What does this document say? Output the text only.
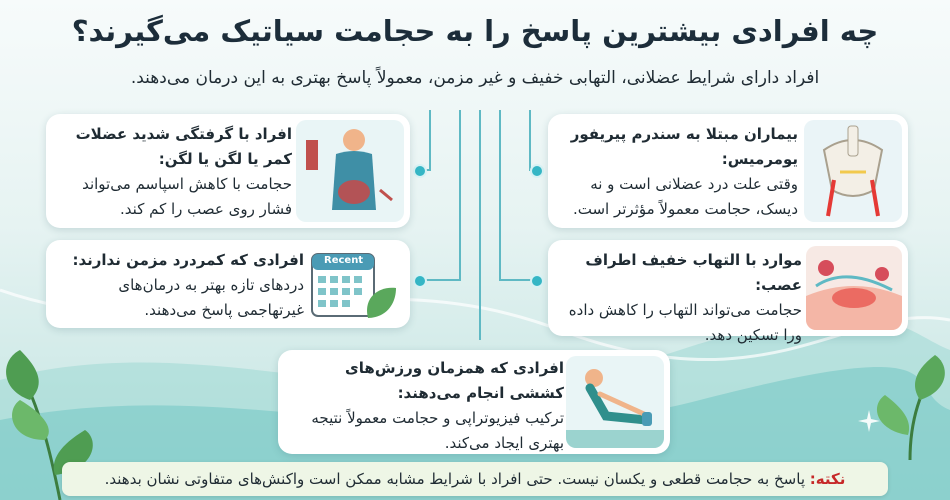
چه افرادی بیشترین پاسخ را به حجامت سیاتیک می‌گیرند؟

افراد دارای شرایط عضلانی، التهابی خفیف و غیر مزمن، معمولاً پاسخ بهتری به این درمان می‌دهند.

افراد با گرفتگی شدید عضلات کمر یا لگن یا لگن:
حجامت با کاهش اسپاسم می‌تواند فشار روی عصب را کم کند.
Recent
افرادی که کمردرد مزمن ندارند:
دردهای تازه بهتر به درمان‌های غیرتهاجمی پاسخ می‌دهند.
بیماران مبتلا به سندرم پیریفور یومرمیس:
وقتی علت درد عضلانی است و نه دیسک، حجامت معمولاً مؤثرتر است.
موارد با التهاب خفیف اطراف عصب:
حجامت می‌تواند التهاب را کاهش داده ورا تسکین دهد.
افرادی که همزمان ورزش‌های کششی انجام می‌دهند:
ترکیب فیزیوتراپی و حجامت معمولاً نتیجه بهتری ایجاد می‌کند.
نکته: پاسخ به حجامت قطعی و یکسان نیست. حتی افراد با شرایط مشابه ممکن است واکنش‌های متفاوتی نشان بدهند.
